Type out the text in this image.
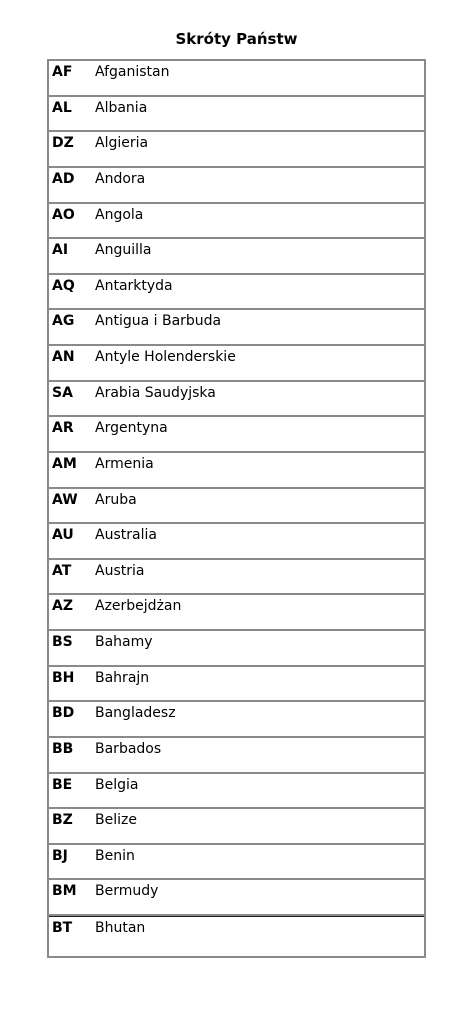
Skróty Państw
AF Afganistan
AL Albania
DZ Algieria
AD Andora
AO Angola
AI Anguilla
AQ Antarktyda
AG Antigua i Barbuda
AN Antyle Holenderskie
SA Arabia Saudyjska
AR Argentyna
AM Armenia
AW Aruba
AU Australia
AT Austria
AZ Azerbejdżan
BS Bahamy
BH Bahrajn
BD Bangladesz
BB Barbados
BE Belgia
BZ Belize
BJ Benin
BM Bermudy
BT Bhutan
